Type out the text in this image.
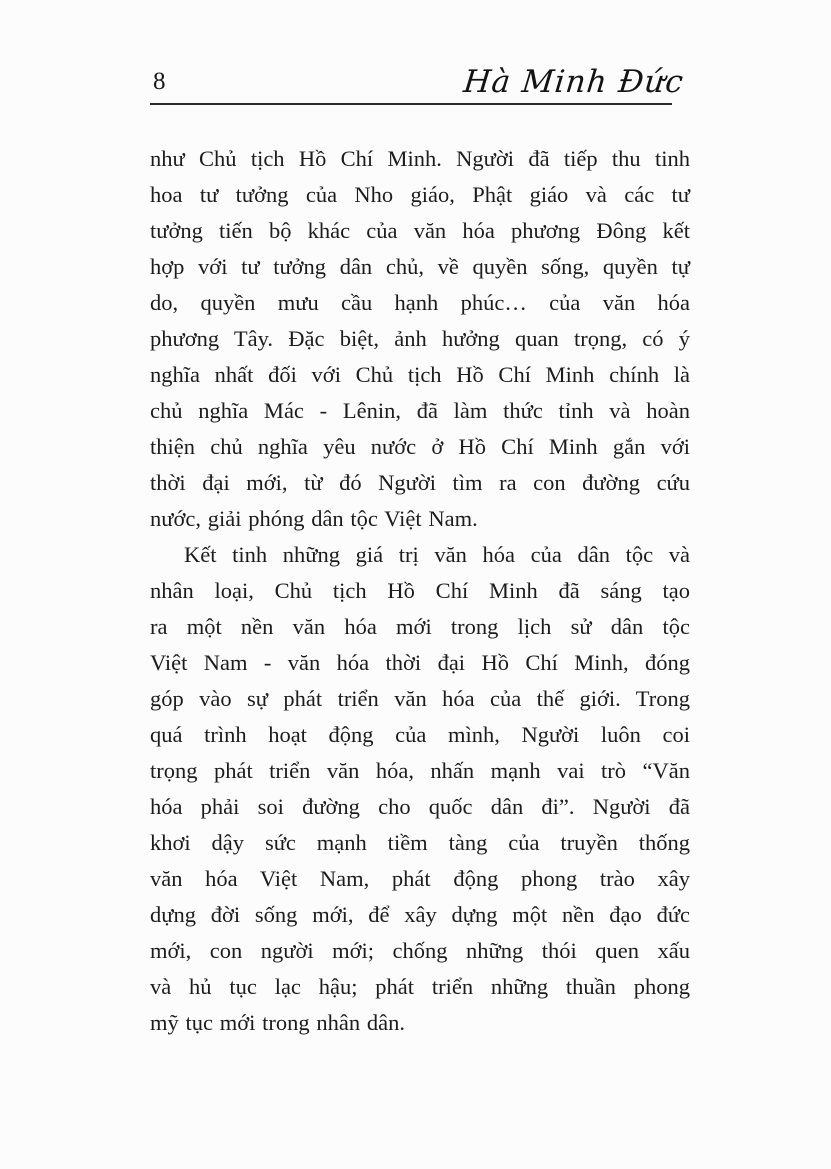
8	Hà Minh Đức
như Chủ tịch Hồ Chí Minh. Người đã tiếp thu tinh
hoa tư tưởng của Nho giáo, Phật giáo và các tư
tưởng tiến bộ khác của văn hóa phương Đông kết
hợp với tư tưởng dân chủ, về quyền sống, quyền tự
do, quyền mưu cầu hạnh phúc… của văn hóa
phương Tây. Đặc biệt, ảnh hưởng quan trọng, có ý
nghĩa nhất đối với Chủ tịch Hồ Chí Minh chính là
chủ nghĩa Mác - Lênin, đã làm thức tỉnh và hoàn
thiện chủ nghĩa yêu nước ở Hồ Chí Minh gắn với
thời đại mới, từ đó Người tìm ra con đường cứu
nước, giải phóng dân tộc Việt Nam.
Kết tinh những giá trị văn hóa của dân tộc và
nhân loại, Chủ tịch Hồ Chí Minh đã sáng tạo
ra một nền văn hóa mới trong lịch sử dân tộc
Việt Nam - văn hóa thời đại Hồ Chí Minh, đóng
góp vào sự phát triển văn hóa của thế giới. Trong
quá trình hoạt động của mình, Người luôn coi
trọng phát triển văn hóa, nhấn mạnh vai trò “Văn
hóa phải soi đường cho quốc dân đi”. Người đã
khơi dậy sức mạnh tiềm tàng của truyền thống
văn hóa Việt Nam, phát động phong trào xây
dựng đời sống mới, để xây dựng một nền đạo đức
mới, con người mới; chống những thói quen xấu
và hủ tục lạc hậu; phát triển những thuần phong
mỹ tục mới trong nhân dân.
